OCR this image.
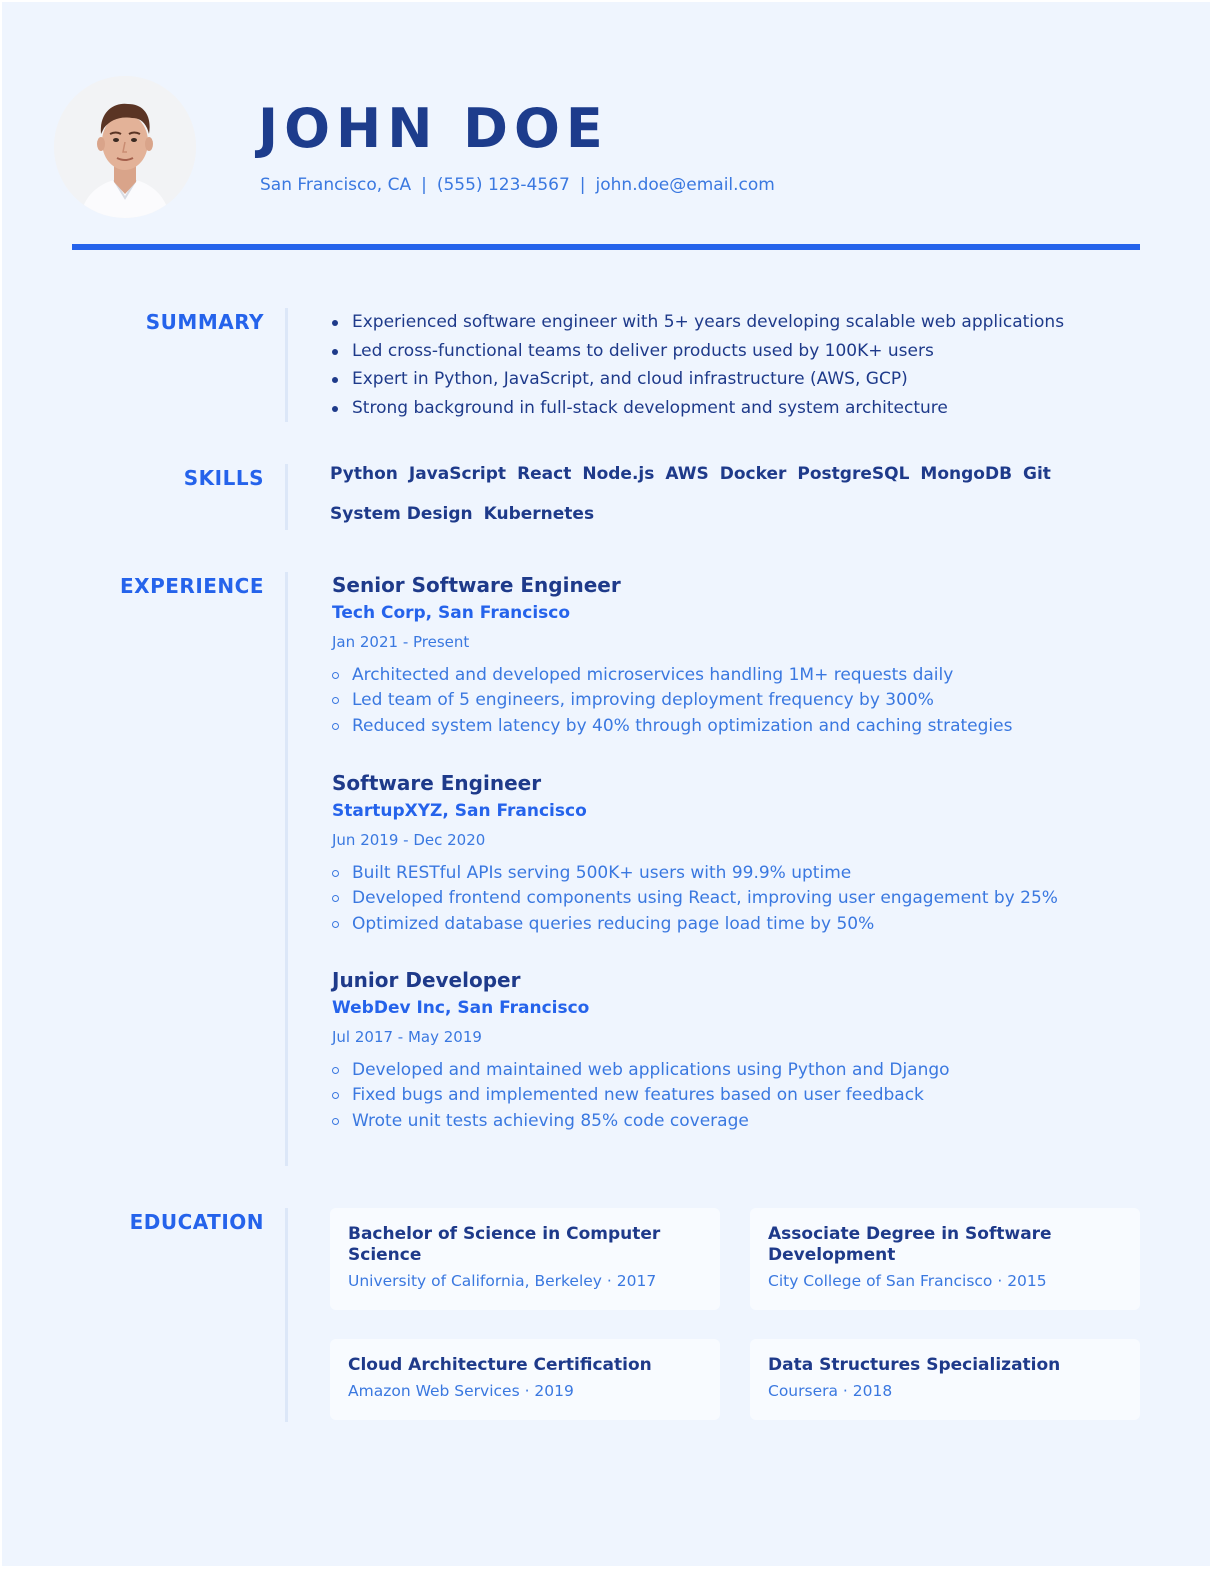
JOHN DOE
San Francisco, CA | (555) 123-4567 | john.doe@email.com
SUMMARY	Experienced software engineer with 5+ years developing scalable web applications
Led cross-functional teams to deliver products used by 100K+ users
Expert in Python, JavaScript, and cloud infrastructure (AWS, GCP)
Strong background in full-stack development and system architecture
SKILLS	Python JavaScript React Node.js AWS Docker PostgreSQL MongoDB Git
System Design Kubernetes
EXPERIENCE	Senior Software Engineer
Tech Corp, San Francisco
Jan 2021 - Present
Architected and developed microservices handling 1M+ requests daily
Led team of 5 engineers, improving deployment frequency by 300%
Reduced system latency by 40% through optimization and caching strategies
Software Engineer
StartupXYZ, San Francisco
Jun 2019 - Dec 2020
Built RESTful APIs serving 500K+ users with 99.9% uptime
Developed frontend components using React, improving user engagement by 25%
Optimized database queries reducing page load time by 50%
Junior Developer
WebDev Inc, San Francisco
Jul 2017 - May 2019
Developed and maintained web applications using Python and Django
Fixed bugs and implemented new features based on user feedback
Wrote unit tests achieving 85% code coverage
EDUCATION	Bachelor of Science in Computer Science
University of California, Berkeley · 2017
Associate Degree in Software Development
City College of San Francisco · 2015
Cloud Architecture Certification
Amazon Web Services · 2019
Data Structures Specialization
Coursera · 2018
